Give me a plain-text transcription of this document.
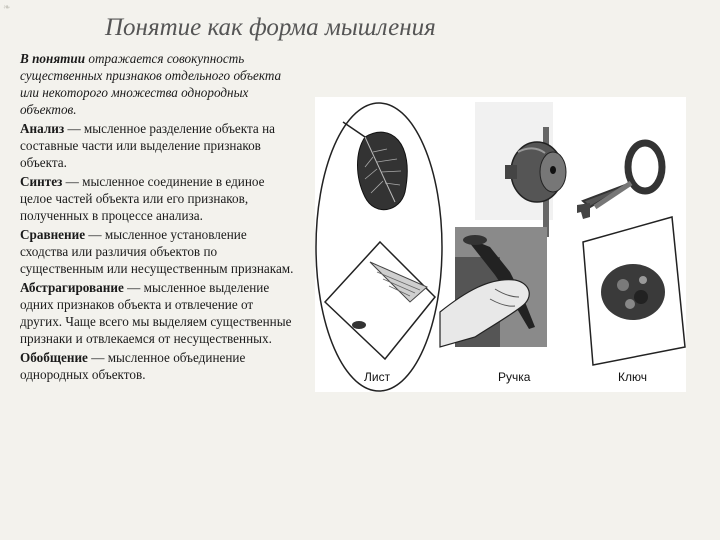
❧
Понятие как форма мышления

В понятии отражается совокупность существенных признаков отдельного объекта или некоторого множества однородных объектов.

Анализ — мысленное разделение объекта на составные части или выделение признаков объекта.

Синтез — мысленное соединение в единое целое частей объекта или его признаков, полученных в процессе анализа.

Сравнение — мысленное установление сходства или различия объектов по существенным или несущественным признакам.

Абстрагирование — мысленное выделение одних признаков объекта и отвлечение от других. Чаще всего мы выделяем существенные признаки и отвлекаемся от несущественных.

Обобщение — мысленное объединение однородных объектов.	Лист	Ручка	Ключ
